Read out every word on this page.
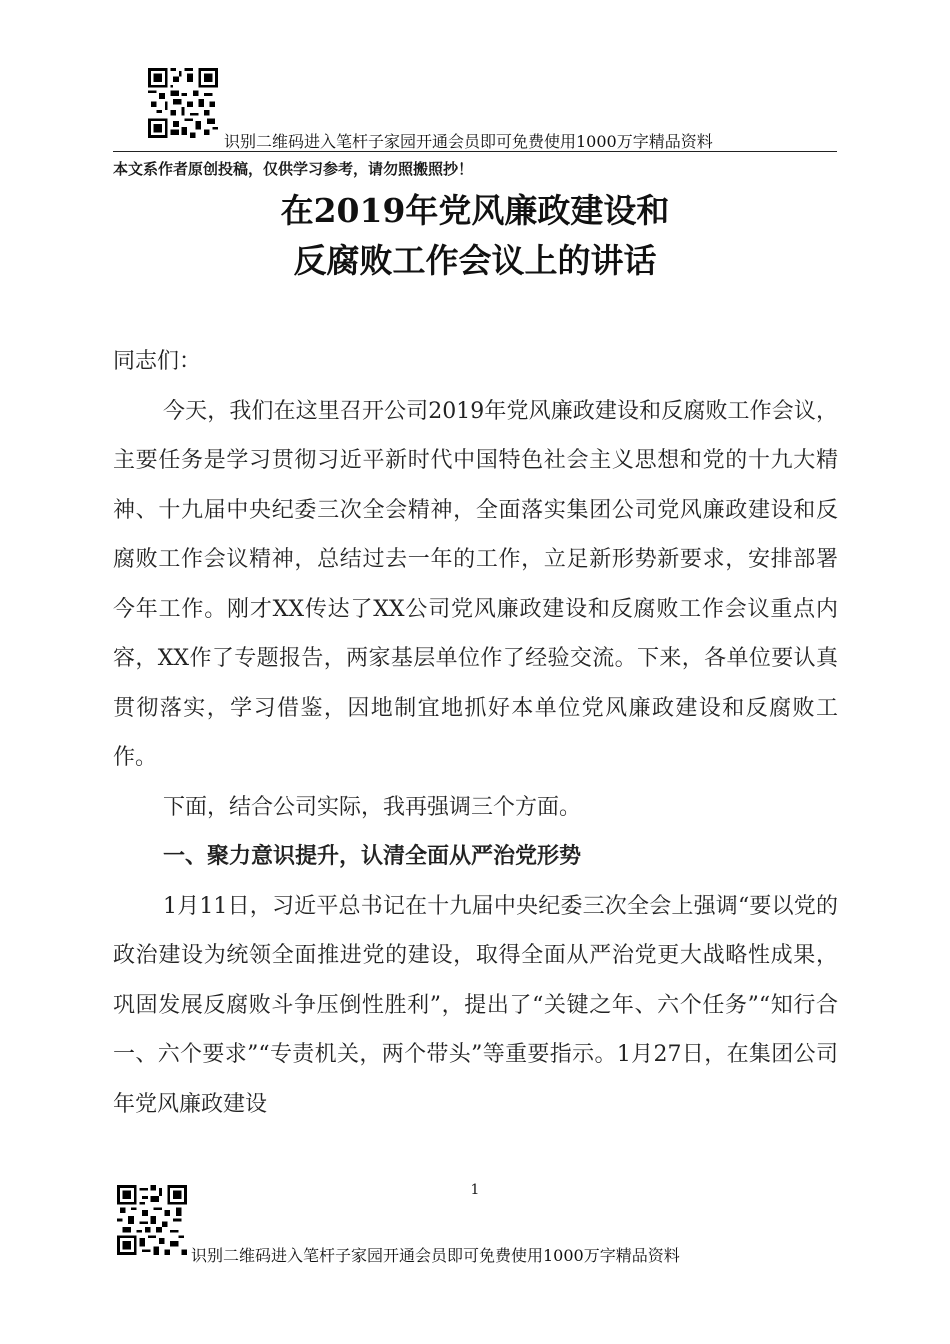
识别二维码进入笔杆子家园开通会员即可免费使用1000万字精品资料
本文系作者原创投稿，仅供学习参考，请勿照搬照抄！
在2019年党风廉政建设和
反腐败工作会议上的讲话

同志们：

今天，我们在这里召开公司2019年党风廉政建设和反腐败工作会议，主要任务是学习贯彻习近平新时代中国特色社会主义思想和党的十九大精神、十九届中央纪委三次全会精神，全面落实集团公司党风廉政建设和反腐败工作会议精神，总结过去一年的工作，立足新形势新要求，安排部署今年工作。刚才XX传达了XX公司党风廉政建设和反腐败工作会议重点内容，XX作了专题报告，两家基层单位作了经验交流。下来，各单位要认真贯彻落实，学习借鉴，因地制宜地抓好本单位党风廉政建设和反腐败工作。

下面，结合公司实际，我再强调三个方面。

一、聚力意识提升，认清全面从严治党形势

1月11日，习近平总书记在十九届中央纪委三次全会上强调“要以党的政治建设为统领全面推进党的建设，取得全面从严治党更大战略性成果，巩固发展反腐败斗争压倒性胜利”，提出了“关键之年、六个任务”“知行合一、六个要求”“专责机关，两个带头”等重要指示。1月27日，在集团公司年党风廉政建设

1
识别二维码进入笔杆子家园开通会员即可免费使用1000万字精品资料
